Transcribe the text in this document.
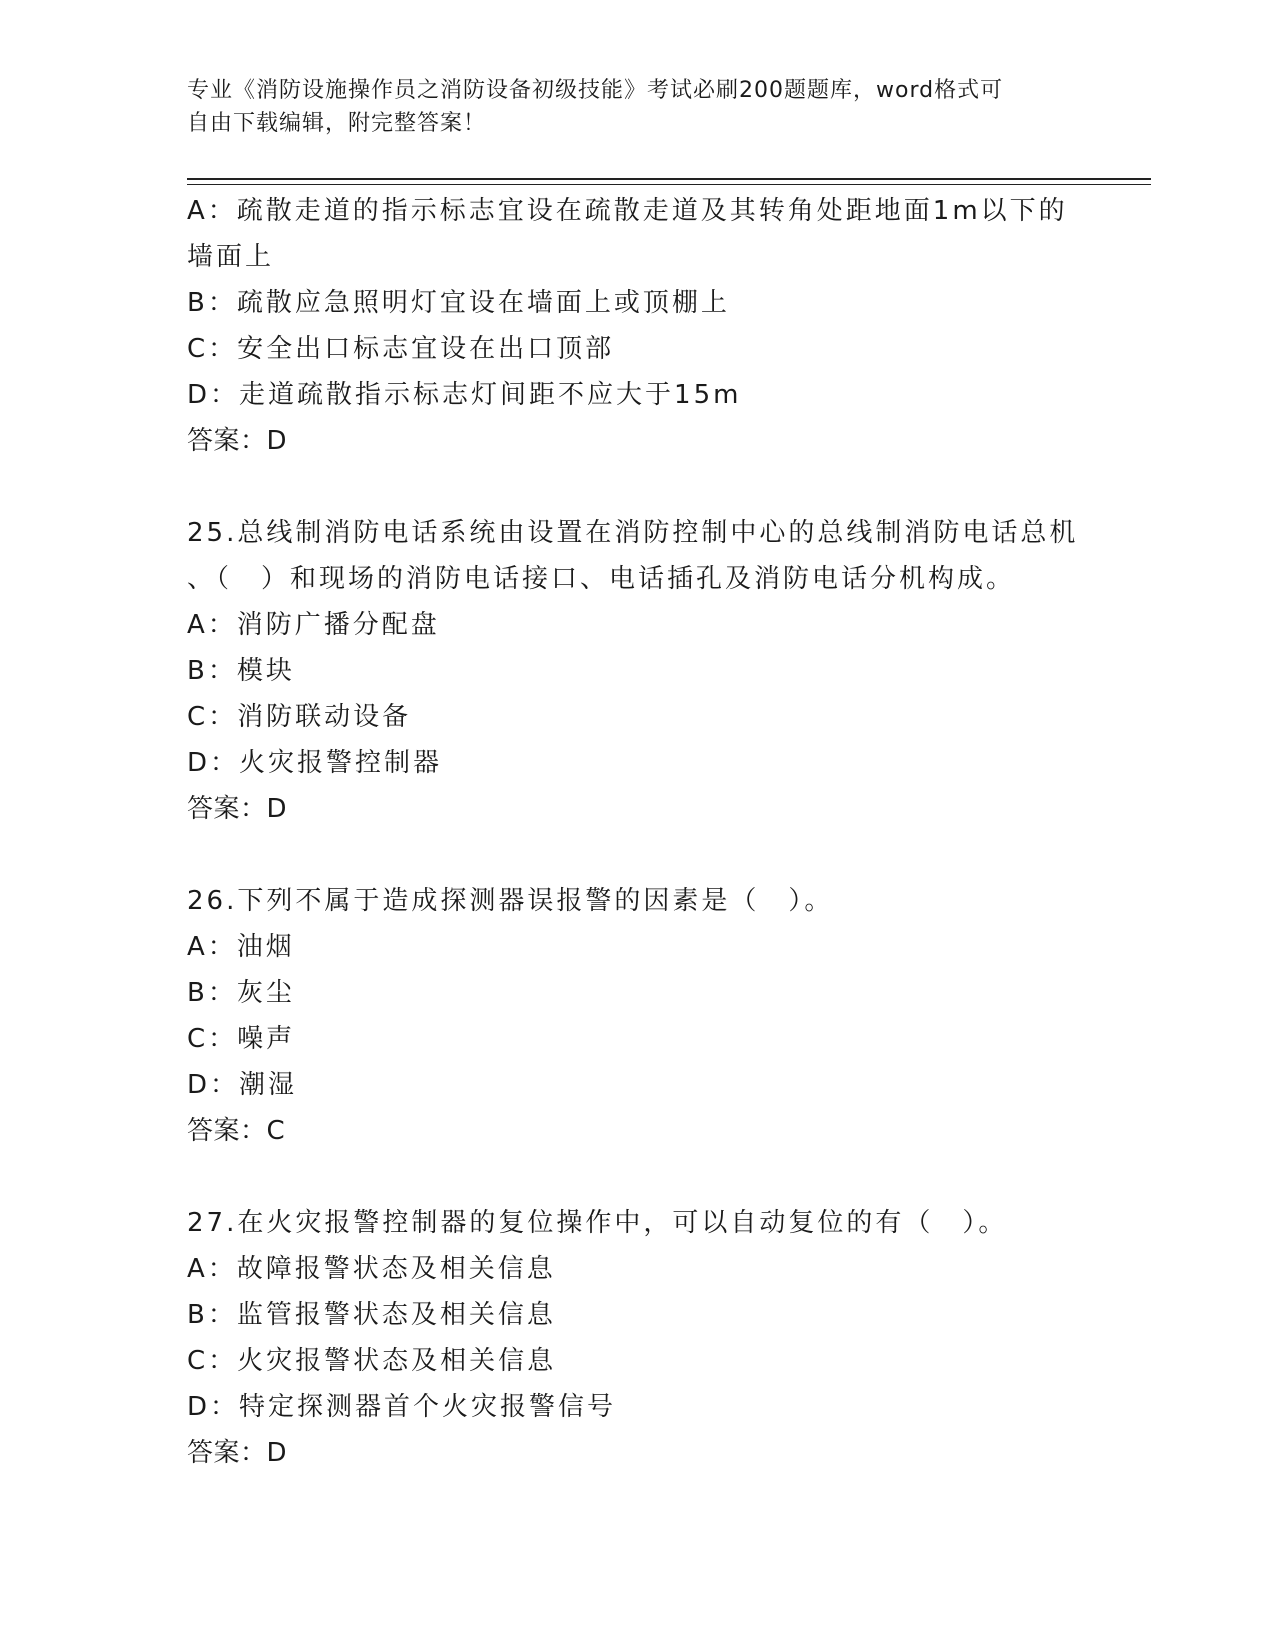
专业《消防设施操作员之消防设备初级技能》考试必刷200题题库，word格式可
自由下载编辑，附完整答案！
A：疏散走道的指示标志宜设在疏散走道及其转角处距地面1m以下的
墙面上
B：疏散应急照明灯宜设在墙面上或顶棚上
C：安全出口标志宜设在出口顶部
D：走道疏散指示标志灯间距不应大于15m
答案：D
25.总线制消防电话系统由设置在消防控制中心的总线制消防电话总机
、（　）和现场的消防电话接口、电话插孔及消防电话分机构成。
A：消防广播分配盘
B：模块
C：消防联动设备
D：火灾报警控制器
答案：D
26.下列不属于造成探测器误报警的因素是（　）。
A：油烟
B：灰尘
C：噪声
D：潮湿
答案：C
27.在火灾报警控制器的复位操作中，可以自动复位的有（　）。
A：故障报警状态及相关信息
B：监管报警状态及相关信息
C：火灾报警状态及相关信息
D：特定探测器首个火灾报警信号
答案：D
